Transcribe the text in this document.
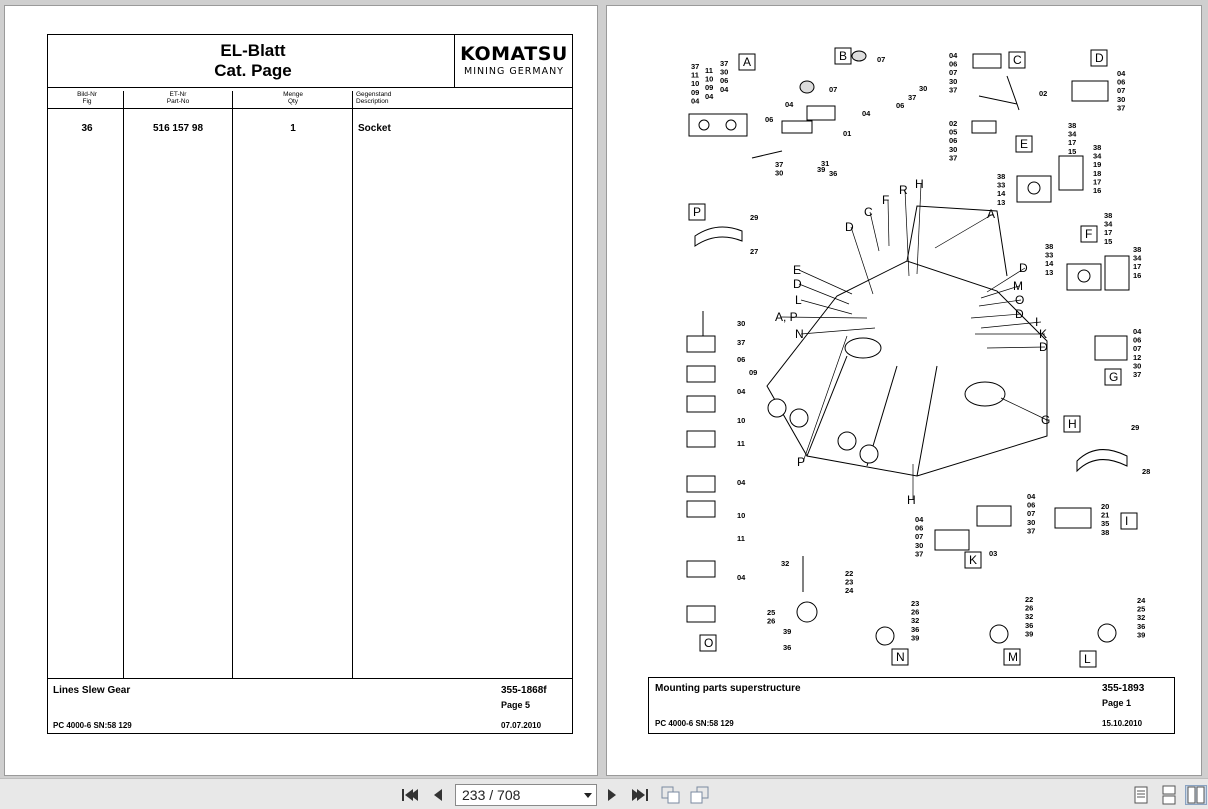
EL-Blatt
Cat. Page
KOMATSU
MINING GERMANY
Bild-Nr
Fig
ET-Nr
Part-No
Menge
Qty
Gegenstand
Description
36	516 157 98	1	Socket
Lines Slew Gear	355-1868f
Page 5
PC 4000-6 SN:58 129	07.07.2010
A	B	C	D
E
F
P
G
H
I
K
O
N	M	L
37
11
10
09
04
11
10
09
04
37
30
06
04
07
07
04
06
04
01
37
06
30
37
30
31
39 36
04
06
07
30
37	02
02
05
06
30
37
04
06
07
30
37
38
33
14
13
38
34
17
15 38
34
19
18
17
16
38
34
17
15
38
33
14
13
38
34
17
16
29
27
04
06
07
12
30
37
29
28
30
37
06
09
04
10
11
04
10
11
04
04
06
07
30
37
04
06
07
30
37	03
20
21
35
38
32
22
23
24
25
26
39
36
23
26
32
36
39
22
26
32
36
39
24
25
32
36
39
C
F
R H
A
D
E
D
L
A, P
N
D
M
O
D
I
K
D
G
P
H
Mounting parts superstructure	355-1893
Page 1
PC 4000-6 SN:58 129	15.10.2010
233 / 708
